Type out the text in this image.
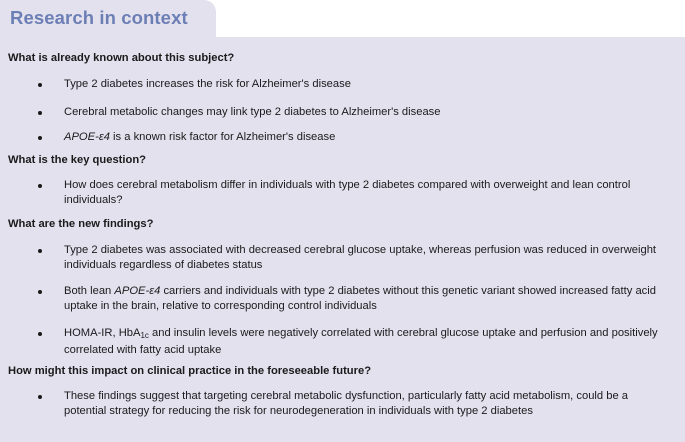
Research in context
What is already known about this subject?
Type 2 diabetes increases the risk for Alzheimer's disease
Cerebral metabolic changes may link type 2 diabetes to Alzheimer's disease
APOE-ε4 is a known risk factor for Alzheimer's disease
What is the key question?
How does cerebral metabolism differ in individuals with type 2 diabetes compared with overweight and lean control individuals?
What are the new findings?
Type 2 diabetes was associated with decreased cerebral glucose uptake, whereas perfusion was reduced in overweight individuals regardless of diabetes status
Both lean APOE-ε4 carriers and individuals with type 2 diabetes without this genetic variant showed increased fatty acid uptake in the brain, relative to corresponding control individuals
HOMA-IR, HbA$_{1c}$ and insulin levels were negatively correlated with cerebral glucose uptake and perfusion and positively correlated with fatty acid uptake
How might this impact on clinical practice in the foreseeable future?
These findings suggest that targeting cerebral metabolic dysfunction, particularly fatty acid metabolism, could be a potential strategy for reducing the risk for neurodegeneration in individuals with type 2 diabetes
